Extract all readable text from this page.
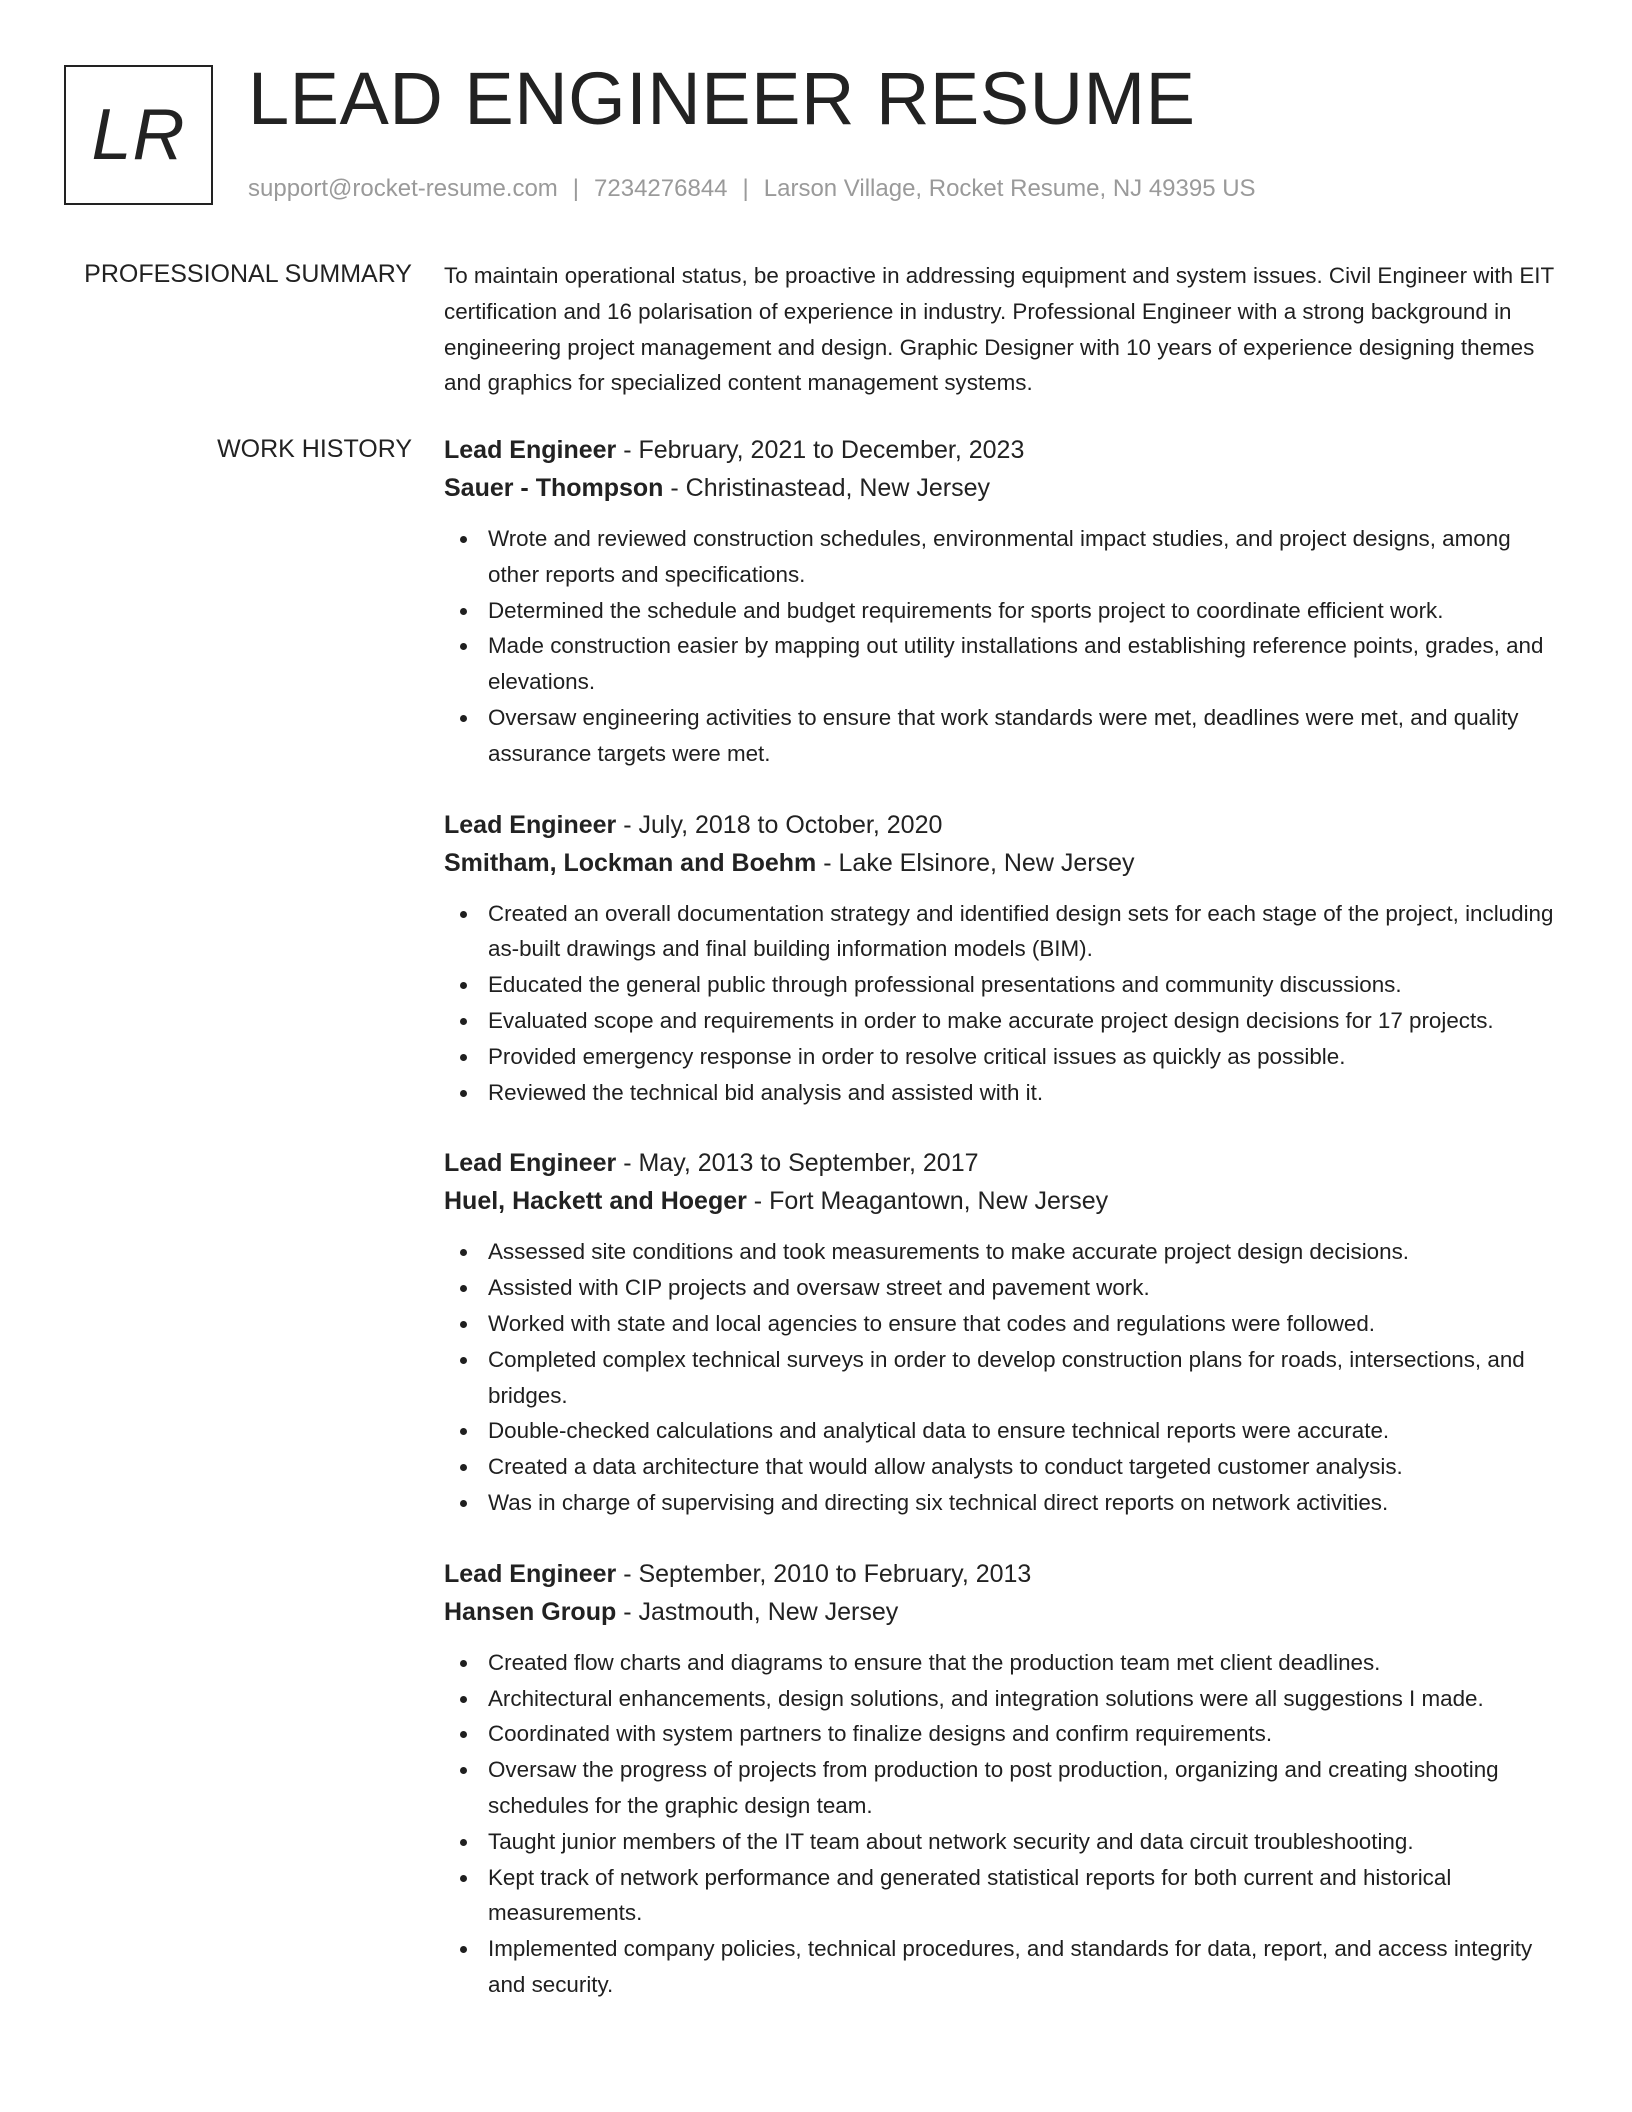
LR LEAD ENGINEER RESUME
support@rocket-resume.com | 7234276844 | Larson Village, Rocket Resume, NJ 49395 US
PROFESSIONAL SUMMARY To maintain operational status, be proactive in addressing equipment and system issues. Civil Engineer with EIT certification and 16 polarisation of experience in industry. Professional Engineer with a strong background in engineering project management and design. Graphic Designer with 10 years of experience designing themes and graphics for specialized content management systems.

WORK HISTORY Lead Engineer - February, 2021 to December, 2023
Sauer - Thompson - Christinastead, New Jersey
Wrote and reviewed construction schedules, environmental impact studies, and project designs, among other reports and specifications.
Determined the schedule and budget requirements for sports project to coordinate efficient work.
Made construction easier by mapping out utility installations and establishing reference points, grades, and elevations.
Oversaw engineering activities to ensure that work standards were met, deadlines were met, and quality assurance targets were met.
Lead Engineer - July, 2018 to October, 2020
Smitham, Lockman and Boehm - Lake Elsinore, New Jersey
Created an overall documentation strategy and identified design sets for each stage of the project, including as-built drawings and final building information models (BIM).
Educated the general public through professional presentations and community discussions.
Evaluated scope and requirements in order to make accurate project design decisions for 17 projects.
Provided emergency response in order to resolve critical issues as quickly as possible.
Reviewed the technical bid analysis and assisted with it.
Lead Engineer - May, 2013 to September, 2017
Huel, Hackett and Hoeger - Fort Meagantown, New Jersey
Assessed site conditions and took measurements to make accurate project design decisions.
Assisted with CIP projects and oversaw street and pavement work.
Worked with state and local agencies to ensure that codes and regulations were followed.
Completed complex technical surveys in order to develop construction plans for roads, intersections, and bridges.
Double-checked calculations and analytical data to ensure technical reports were accurate.
Created a data architecture that would allow analysts to conduct targeted customer analysis.
Was in charge of supervising and directing six technical direct reports on network activities.
Lead Engineer - September, 2010 to February, 2013
Hansen Group - Jastmouth, New Jersey
Created flow charts and diagrams to ensure that the production team met client deadlines.
Architectural enhancements, design solutions, and integration solutions were all suggestions I made.
Coordinated with system partners to finalize designs and confirm requirements.
Oversaw the progress of projects from production to post production, organizing and creating shooting schedules for the graphic design team.
Taught junior members of the IT team about network security and data circuit troubleshooting.
Kept track of network performance and generated statistical reports for both current and historical measurements.
Implemented company policies, technical procedures, and standards for data, report, and access integrity and security.
